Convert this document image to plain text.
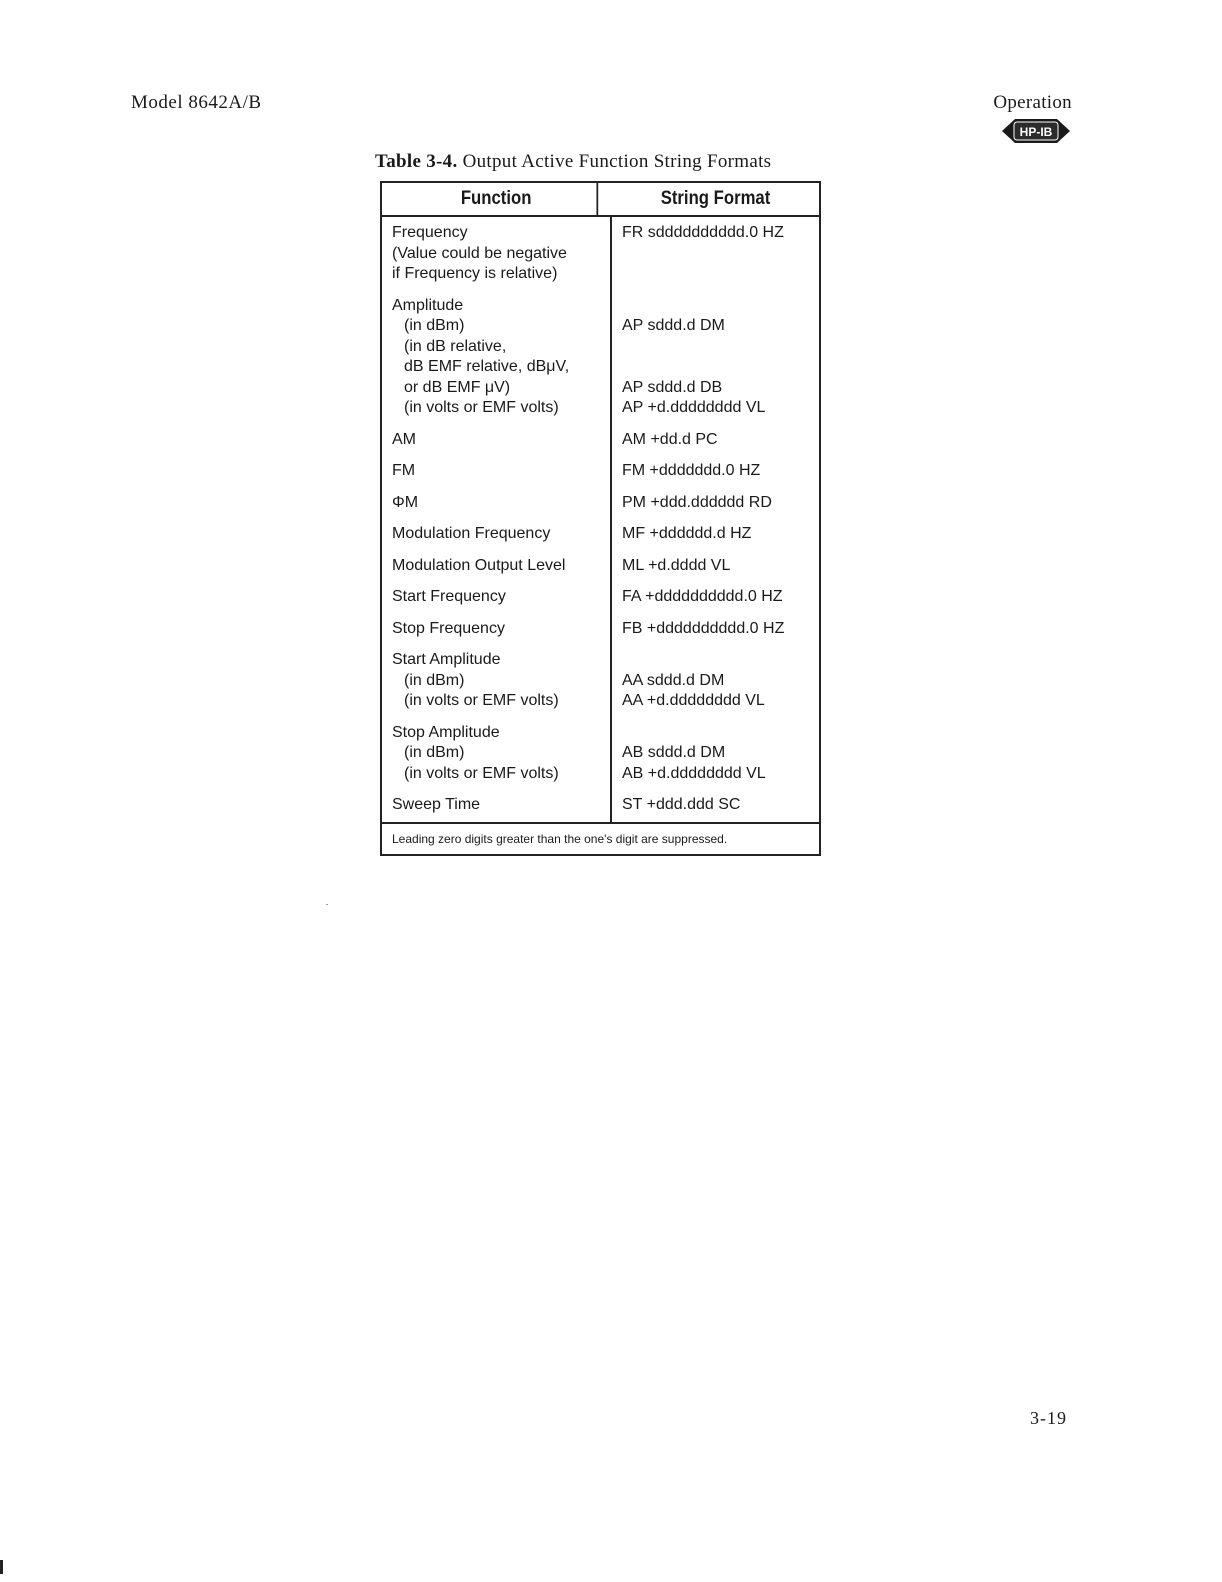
Model 8642A/B	Operation
HP-IB
Table 3-4. Output Active Function String Formats
Function	String Format
Frequency
(Value could be negative
if Frequency is relative)
Amplitude
(in dBm)
(in dB relative,
dB EMF relative, dBμV,
or dB EMF μV)
(in volts or EMF volts)
AM
FM
ΦM
Modulation Frequency
Modulation Output Level
Start Frequency
Stop Frequency
Start Amplitude
(in dBm)
(in volts or EMF volts)
Stop Amplitude
(in dBm)
(in volts or EMF volts)
Sweep Time
FR sdddddddddd.0 HZ

AP sddd.d DM

AP sddd.d DB
AP +d.dddddddd VL
AM +dd.d PC
FM +ddddddd.0 HZ
PM +ddd.dddddd RD
MF +dddddd.d HZ
ML +d.dddd VL
FA +dddddddddd.0 HZ
FB +dddddddddd.0 HZ

AA sddd.d DM
AA +d.dddddddd VL

AB sddd.d DM
AB +d.dddddddd VL
ST +ddd.ddd SC
Leading zero digits greater than the one's digit are suppressed.
3-19
